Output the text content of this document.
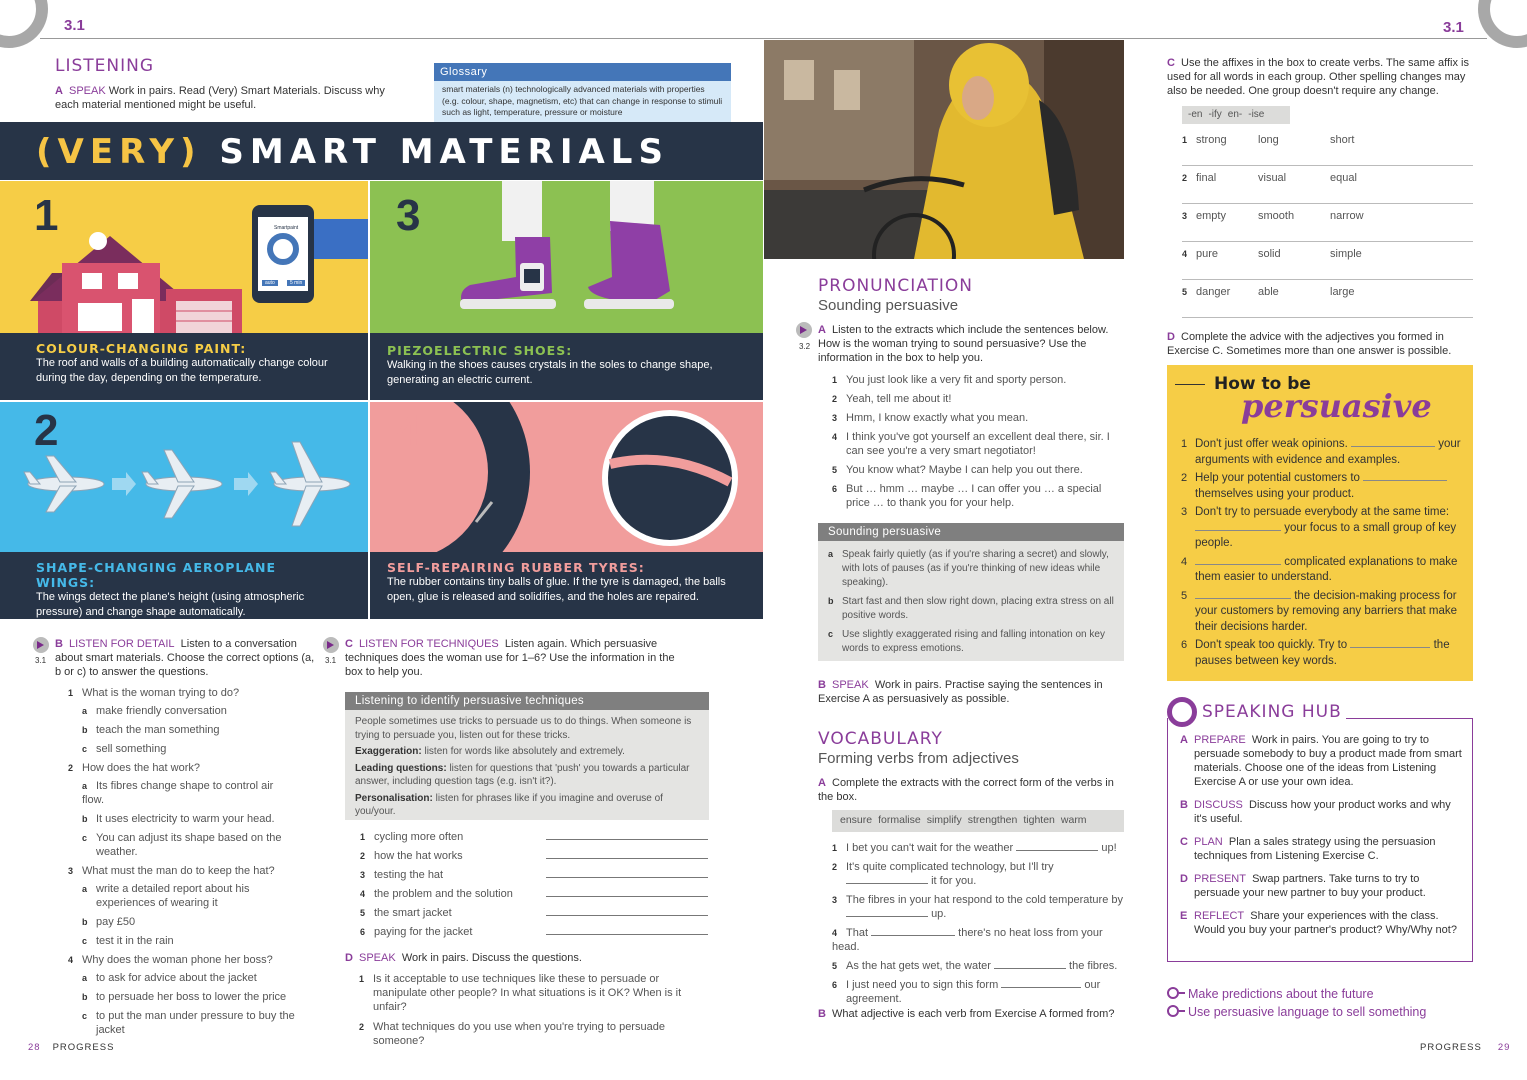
3.1	3.1
LISTENING
A SPEAK Work in pairs. Read (Very) Smart Materials. Discuss why each material mentioned might be useful.
Glossary
smart materials (n) technologically advanced materials with properties (e.g. colour, shape, magnetism, etc) that can change in response to stimuli such as light, temperature, pressure or moisture
(VERY) SMART MATERIALS
1	Smartpaint
auto	5 min
COLOUR-CHANGING PAINT:
The roof and walls of a building automatically change colour during the day, depending on the temperature.
3
PIEZOELECTRIC SHOES:
Walking in the shoes causes crystals in the soles to change shape, generating an electric current.
2
SHAPE-CHANGING AEROPLANE WINGS:
The wings detect the plane's height (using atmospheric pressure) and change shape automatically.
4
SELF-REPAIRING RUBBER TYRES:
The rubber contains tiny balls of glue. If the tyre is damaged, the balls open, glue is released and solidifies, and the holes are repaired.
3.1
B LISTEN FOR DETAIL Listen to a conversation about smart materials. Choose the correct options (a, b or c) to answer the questions.
1 What is the woman trying to do?
a make friendly conversation
b teach the man something
c sell something
2 How does the hat work?
a Its fibres change shape to control air flow.
b It uses electricity to warm your head.
c You can adjust its shape based on the weather.
3 What must the man do to keep the hat?
a write a detailed report about his experiences of wearing it
b pay £50
c test it in the rain
4 Why does the woman phone her boss?
a to ask for advice about the jacket
b to persuade her boss to lower the price
c to put the man under pressure to buy the jacket
3.1
C LISTEN FOR TECHNIQUES Listen again. Which persuasive techniques does the woman use for 1–6? Use the information in the box to help you.
Listening to identify persuasive techniques
People sometimes use tricks to persuade us to do things. When someone is trying to persuade you, listen out for these tricks.
Exaggeration: listen for words like absolutely and extremely.
Leading questions: listen for questions that 'push' you towards a particular answer, including question tags (e.g. isn't it?).
Personalisation: listen for phrases like if you imagine and overuse of you/your.
1 cycling more often
2 how the hat works
3 testing the hat
4 the problem and the solution
5 the smart jacket
6 paying for the jacket
D SPEAK Work in pairs. Discuss the questions.
1 Is it acceptable to use techniques like these to persuade or manipulate other people? In what situations is it OK? When is it unfair?
2 What techniques do you use when you're trying to persuade someone?
28 PROGRESS	PROGRESS 29
PRONUNCIATION
Sounding persuasive
3.2
A Listen to the extracts which include the sentences below. How is the woman trying to sound persuasive? Use the information in the box to help you.
1 You just look like a very fit and sporty person.
2 Yeah, tell me about it!
3 Hmm, I know exactly what you mean.
4 I think you've got yourself an excellent deal there, sir. I can see you're a very smart negotiator!
5 You know what? Maybe I can help you out there.
6 But … hmm … maybe … I can offer you … a special price … to thank you for your help.
Sounding persuasive
a Speak fairly quietly (as if you're sharing a secret) and slowly, with lots of pauses (as if you're thinking of new ideas while speaking).
b Start fast and then slow right down, placing extra stress on all positive words.
c Use slightly exaggerated rising and falling intonation on key words to express emotions.
B SPEAK Work in pairs. Practise saying the sentences in Exercise A as persuasively as possible.
VOCABULARY
Forming verbs from adjectives
A Complete the extracts with the correct form of the verbs in the box.
ensure formalise simplify strengthen tighten warm
1 I bet you can't wait for the weather	up!
2 It's quite complicated technology, but I'll try  it for you.
3 The fibres in your hat respond to the cold temperature by  up.
4 That	there's no heat loss from your head.
5 As the hat gets wet, the water	the fibres.
6 I just need you to sign this form	our agreement.
B What adjective is each verb from Exercise A formed from?
C Use the affixes in the box to create verbs. The same affix is used for all words in each group. Other spelling changes may also be needed. One group doesn't require any change.
-en -ify en- -ise
1 strong	long	short
2 final	visual	equal
3 empty	smooth	narrow
4 pure	solid	simple
5 danger	able	large
D Complete the advice with the adjectives you formed in Exercise C. Sometimes more than one answer is possible.
How to be
persuasive
1 Don't just offer weak opinions.	your arguments with evidence and examples.
2 Help your potential customers to  themselves using your product.
3 Don't try to persuade everybody at the same time:  your focus to a small group of key people.
4	complicated explanations to make them easier to understand.
5	the decision-making process for your customers by removing any barriers that make their decisions harder.
6 Don't speak too quickly. Try to	the pauses between key words.
SPEAKING HUB
A PREPARE Work in pairs. You are going to try to persuade somebody to buy a product made from smart materials. Choose one of the ideas from Listening Exercise A or use your own idea.
B DISCUSS Discuss how your product works and why it's useful.
C PLAN Plan a sales strategy using the persuasion techniques from Listening Exercise C.
D PRESENT Swap partners. Take turns to try to persuade your new partner to buy your product.
E REFLECT Share your experiences with the class. Would you buy your partner's product? Why/Why not?
Make predictions about the future
Use persuasive language to sell something
